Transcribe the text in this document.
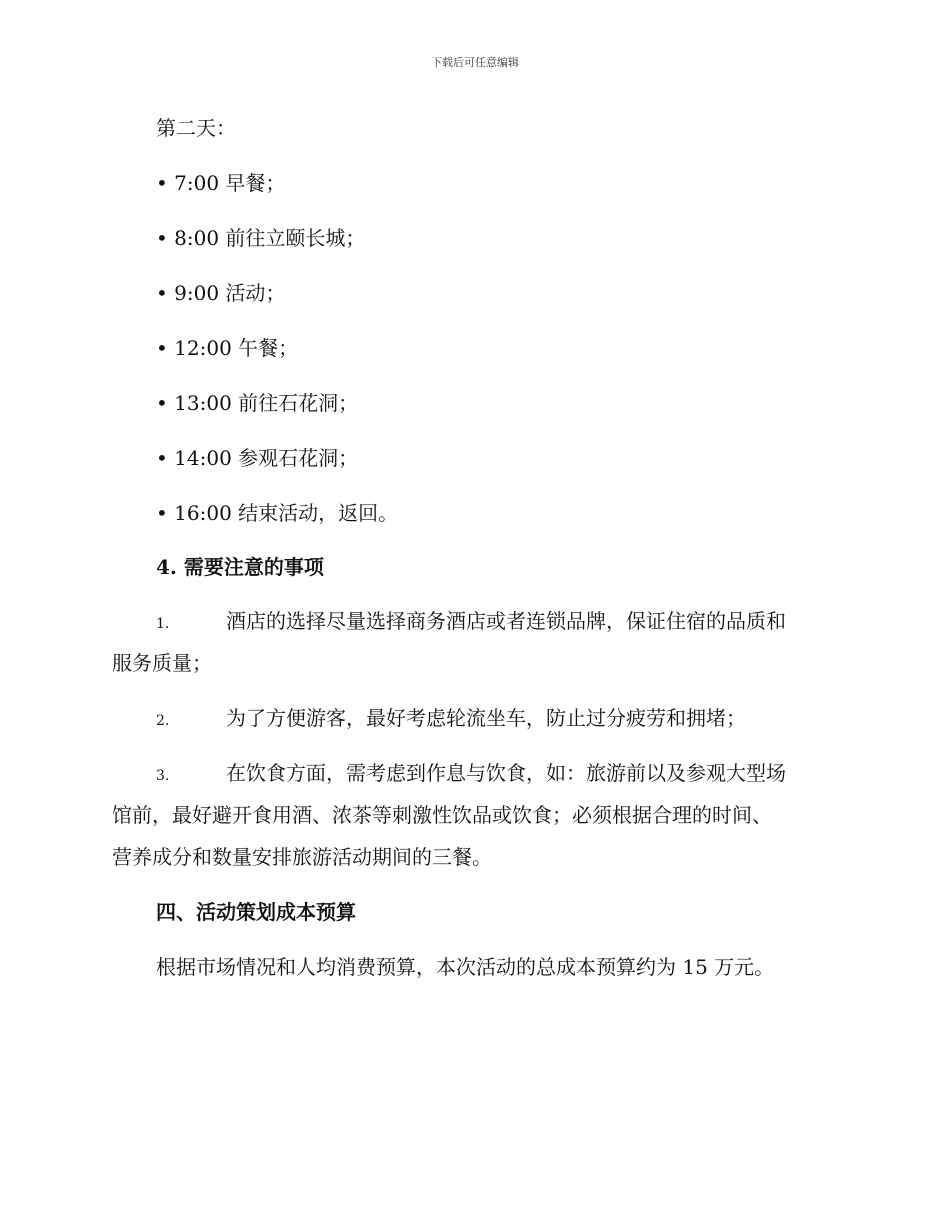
下载后可任意编辑
第二天：
• 7:00 早餐；
• 8:00 前往立颐长城；
• 9:00 活动；
• 12:00 午餐；
• 13:00 前往石花洞；
• 14:00 参观石花洞；
• 16:00 结束活动，返回。
4. 需要注意的事项
1.	酒店的选择尽量选择商务酒店或者连锁品牌，保证住宿的品质和
服务质量；
2.	为了方便游客，最好考虑轮流坐车，防止过分疲劳和拥堵；
3.	在饮食方面，需考虑到作息与饮食，如：旅游前以及参观大型场
馆前，最好避开食用酒、浓茶等刺激性饮品或饮食；必须根据合理的时间、
营养成分和数量安排旅游活动期间的三餐。
四、活动策划成本预算
根据市场情况和人均消费预算，本次活动的总成本预算约为 15 万元。
